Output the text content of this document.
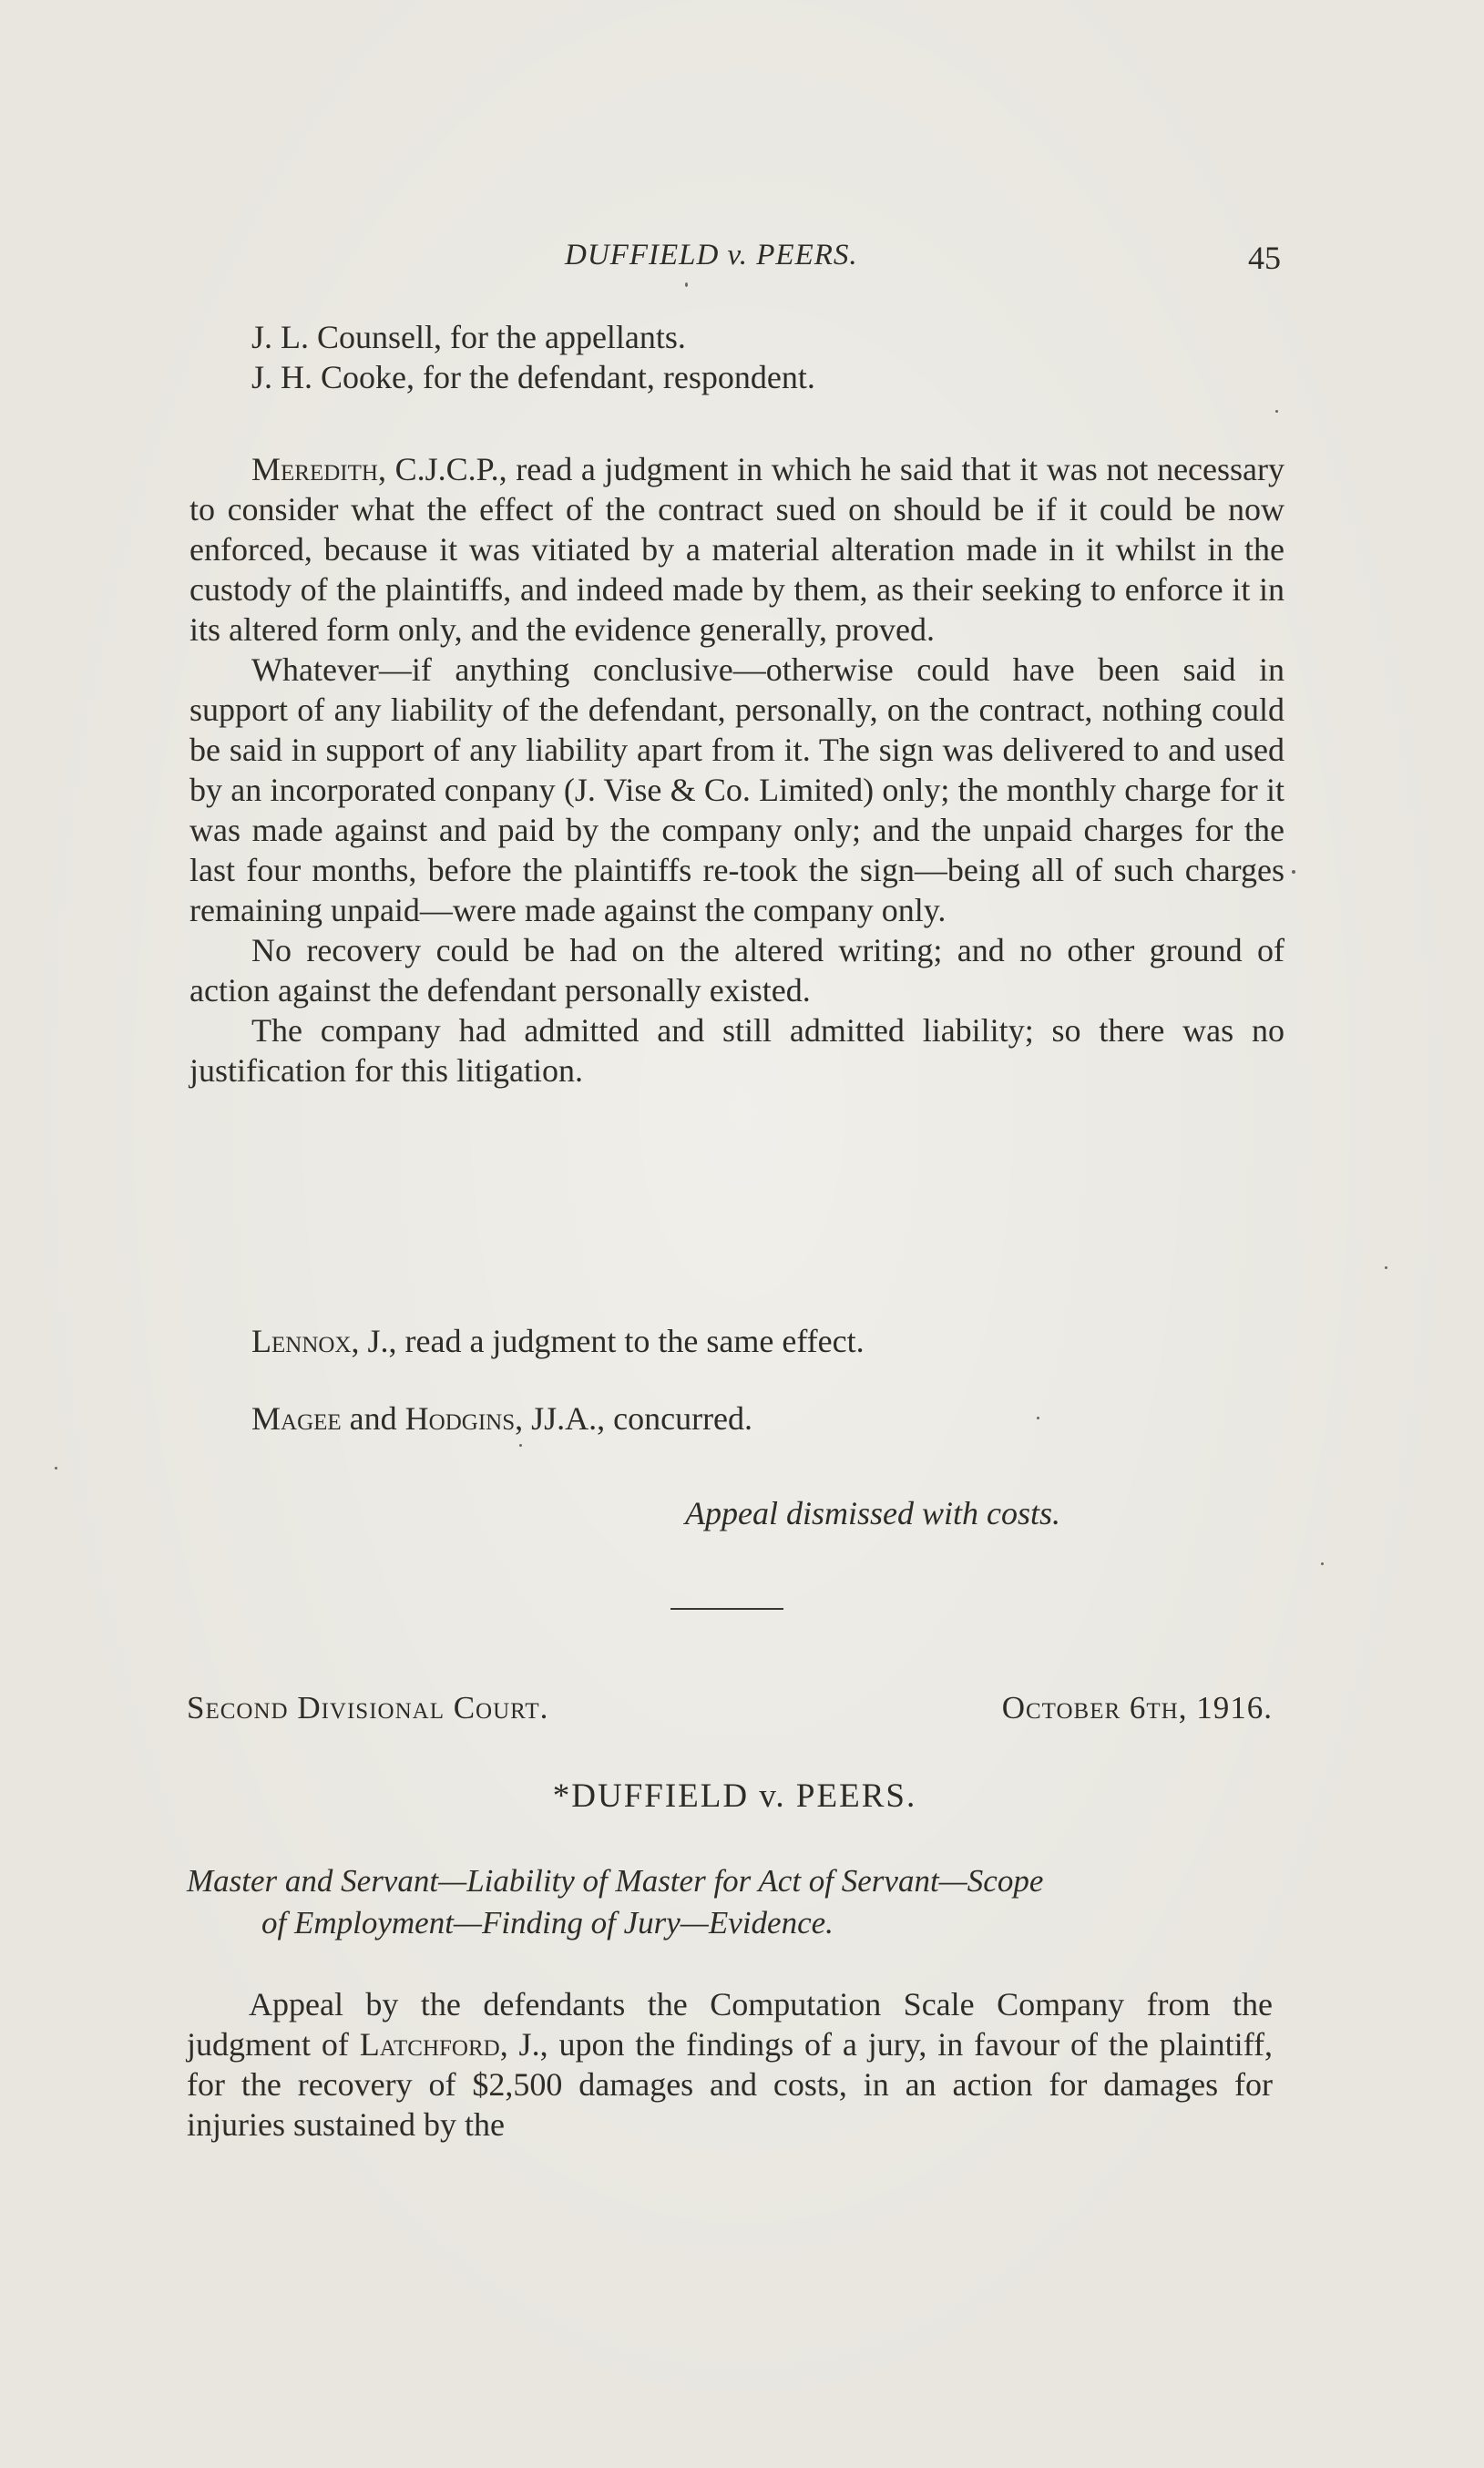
DUFFIELD v. PEERS.	45
J. L. Counsell, for the appellants.
J. H. Cooke, for the defendant, respondent.

Meredith, C.J.C.P., read a judgment in which he said that it was not necessary to consider what the effect of the contract sued on should be if it could be now enforced, because it was vitiated by a material alteration made in it whilst in the custody of the plaintiffs, and indeed made by them, as their seeking to enforce it in its altered form only, and the evidence generally, proved.

Whatever—if anything conclusive—otherwise could have been said in support of any liability of the defendant, personally, on the contract, nothing could be said in support of any liability apart from it. The sign was delivered to and used by an incorporated conpany (J. Vise & Co. Limited) only; the monthly charge for it was made against and paid by the company only; and the unpaid charges for the last four months, before the plaintiffs re-took the sign—being all of such charges remaining unpaid—were made against the company only.

No recovery could be had on the altered writing; and no other ground of action against the defendant personally existed.

The company had admitted and still admitted liability; so there was no justification for this litigation.

Lennox, J., read a judgment to the same effect.

Magee and Hodgins, JJ.A., concurred.

Appeal dismissed with costs.
Second Divisional Court.	October 6th, 1916.
*DUFFIELD v. PEERS.
Master and Servant—Liability of Master for Act of Servant—Scope
of Employment—Finding of Jury—Evidence.

Appeal by the defendants the Computation Scale Company from the judgment of Latchford, J., upon the findings of a jury, in favour of the plaintiff, for the recovery of $2,500 damages and costs, in an action for damages for injuries sustained by the
